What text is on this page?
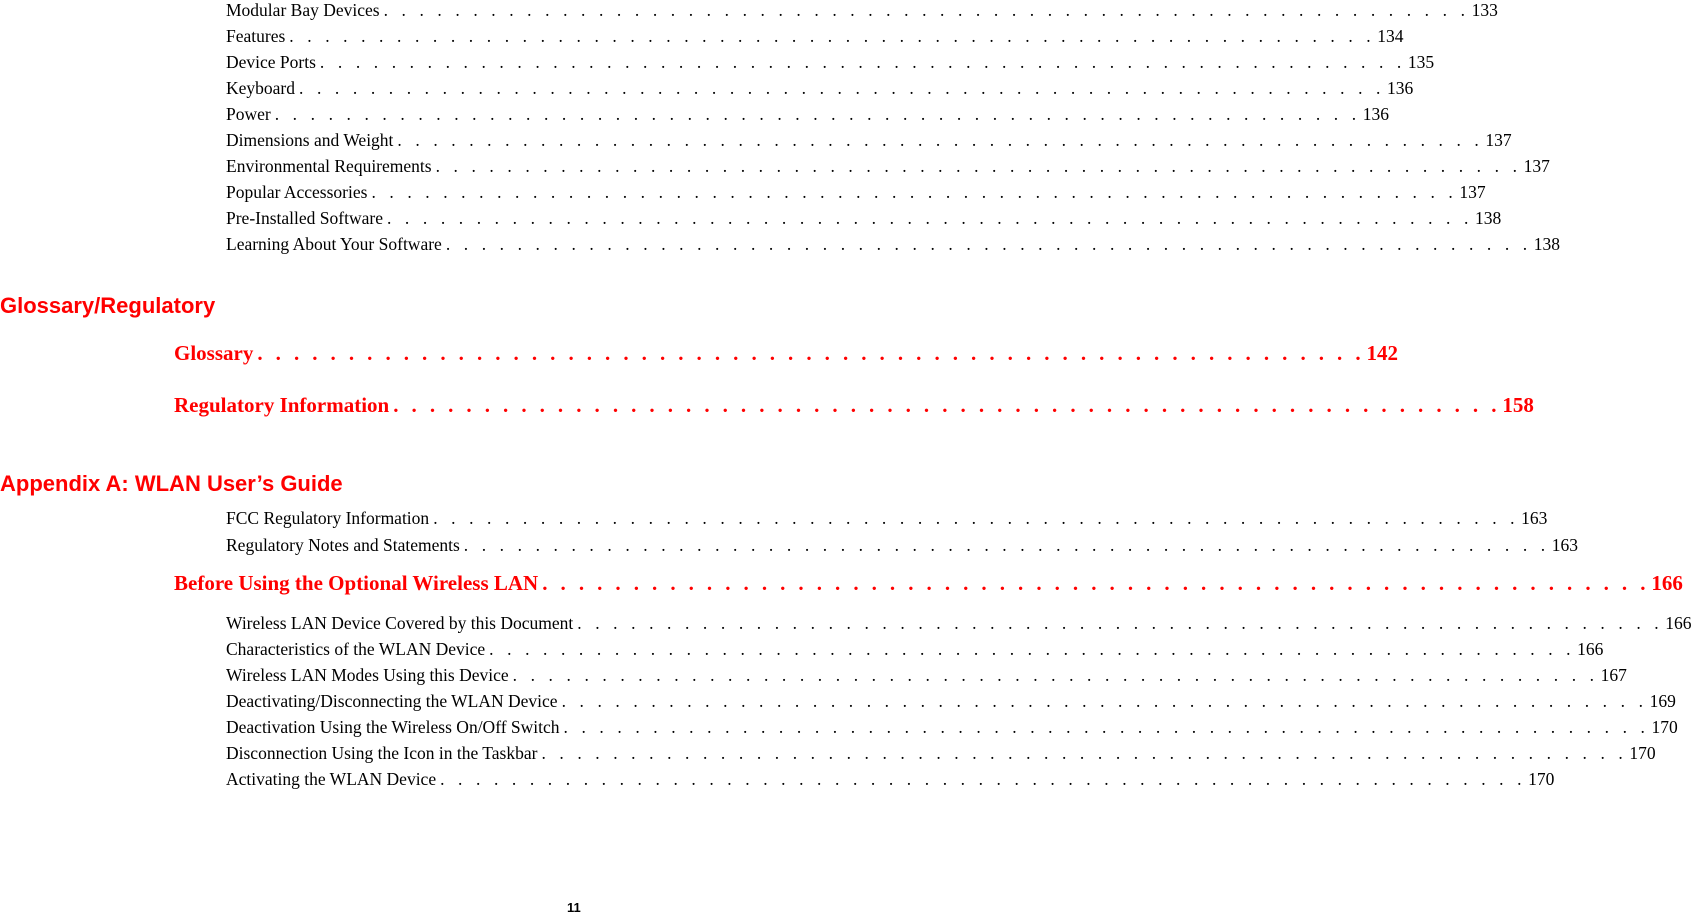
Modular Bay Devices . . . . . . . . . . . . . . . . . . . . . . . . . . . . . . . . . . . . . . . . . . . . . . . . . . . . . . . . . . . . . 133
Features . . . . . . . . . . . . . . . . . . . . . . . . . . . . . . . . . . . . . . . . . . . . . . . . . . . . . . . . . . . . . 134
Device Ports . . . . . . . . . . . . . . . . . . . . . . . . . . . . . . . . . . . . . . . . . . . . . . . . . . . . . . . . . . . . . 135
Keyboard . . . . . . . . . . . . . . . . . . . . . . . . . . . . . . . . . . . . . . . . . . . . . . . . . . . . . . . . . . . . . 136
Power . . . . . . . . . . . . . . . . . . . . . . . . . . . . . . . . . . . . . . . . . . . . . . . . . . . . . . . . . . . . . 136
Dimensions and Weight . . . . . . . . . . . . . . . . . . . . . . . . . . . . . . . . . . . . . . . . . . . . . . . . . . . . . . . . . . . . . 137
Environmental Requirements . . . . . . . . . . . . . . . . . . . . . . . . . . . . . . . . . . . . . . . . . . . . . . . . . . . . . . . . . . . . . 137
Popular Accessories . . . . . . . . . . . . . . . . . . . . . . . . . . . . . . . . . . . . . . . . . . . . . . . . . . . . . . . . . . . . . 137
Pre-Installed Software . . . . . . . . . . . . . . . . . . . . . . . . . . . . . . . . . . . . . . . . . . . . . . . . . . . . . . . . . . . . . 138
Learning About Your Software . . . . . . . . . . . . . . . . . . . . . . . . . . . . . . . . . . . . . . . . . . . . . . . . . . . . . . . . . . . . . 138
Glossary/Regulatory
Glossary . . . . . . . . . . . . . . . . . . . . . . . . . . . . . . . . . . . . . . . . . . . . . . . . . . . . . . . . . . . . . 142
Regulatory Information . . . . . . . . . . . . . . . . . . . . . . . . . . . . . . . . . . . . . . . . . . . . . . . . . . . . . . . . . . . . . 158
Appendix A: WLAN User’s Guide
FCC Regulatory Information . . . . . . . . . . . . . . . . . . . . . . . . . . . . . . . . . . . . . . . . . . . . . . . . . . . . . . . . . . . . . 163
Regulatory Notes and Statements . . . . . . . . . . . . . . . . . . . . . . . . . . . . . . . . . . . . . . . . . . . . . . . . . . . . . . . . . . . . . 163
Before Using the Optional Wireless LAN . . . . . . . . . . . . . . . . . . . . . . . . . . . . . . . . . . . . . . . . . . . . . . . . . . . . . . . . . . . . . 166
Wireless LAN Device Covered by this Document . . . . . . . . . . . . . . . . . . . . . . . . . . . . . . . . . . . . . . . . . . . . . . . . . . . . . . . . . . . . . 166
Characteristics of the WLAN Device . . . . . . . . . . . . . . . . . . . . . . . . . . . . . . . . . . . . . . . . . . . . . . . . . . . . . . . . . . . . . 166
Wireless LAN Modes Using this Device . . . . . . . . . . . . . . . . . . . . . . . . . . . . . . . . . . . . . . . . . . . . . . . . . . . . . . . . . . . . . 167
Deactivating/Disconnecting the WLAN Device . . . . . . . . . . . . . . . . . . . . . . . . . . . . . . . . . . . . . . . . . . . . . . . . . . . . . . . . . . . . . 169
Deactivation Using the Wireless On/Off Switch . . . . . . . . . . . . . . . . . . . . . . . . . . . . . . . . . . . . . . . . . . . . . . . . . . . . . . . . . . . . . 170
Disconnection Using the Icon in the Taskbar . . . . . . . . . . . . . . . . . . . . . . . . . . . . . . . . . . . . . . . . . . . . . . . . . . . . . . . . . . . . . 170
Activating the WLAN Device . . . . . . . . . . . . . . . . . . . . . . . . . . . . . . . . . . . . . . . . . . . . . . . . . . . . . . . . . . . . . 170
11
